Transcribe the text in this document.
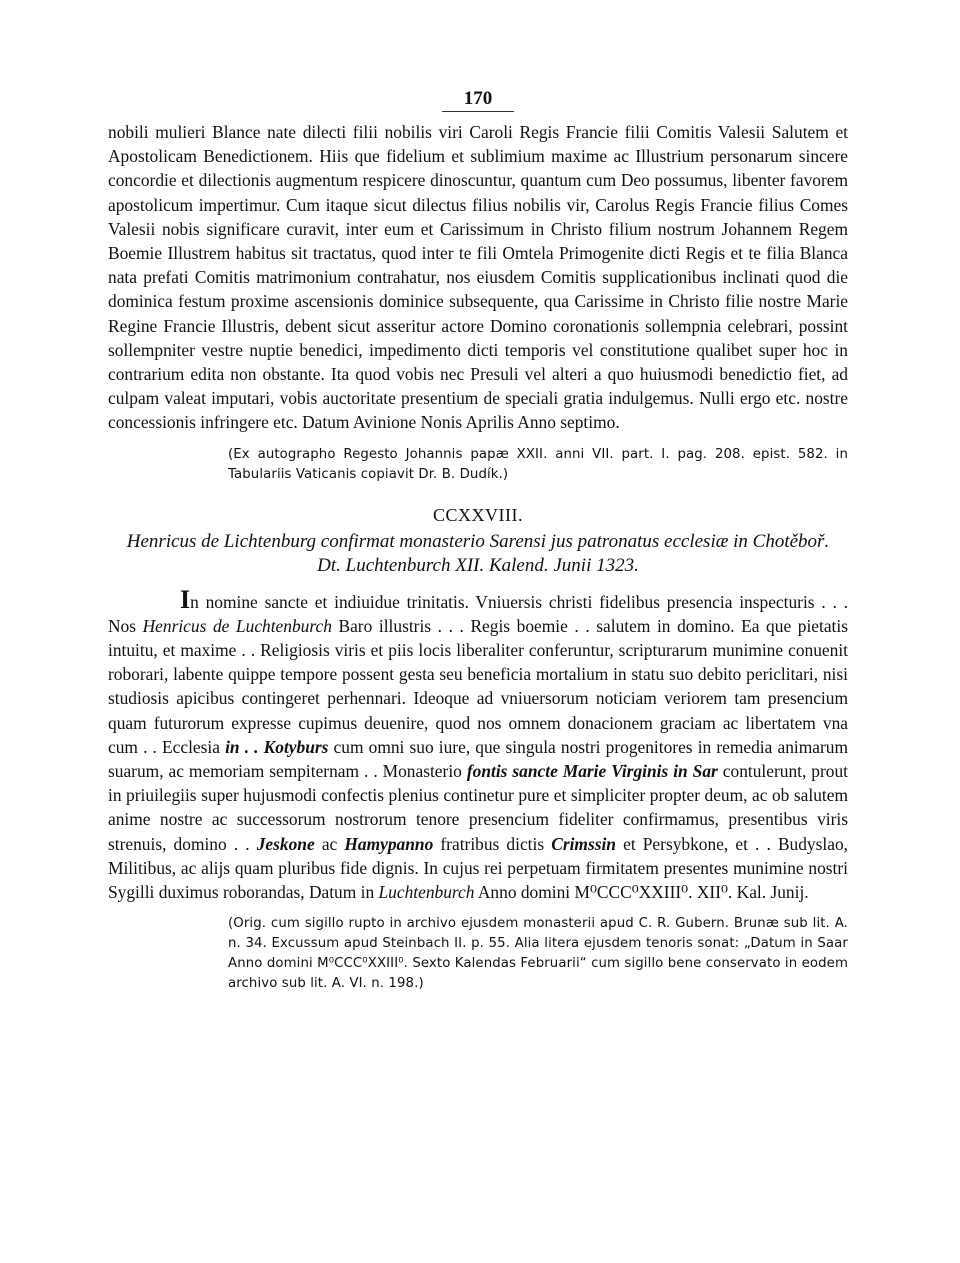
170

nobili mulieri Blance nate dilecti filii nobilis viri Caroli Regis Francie filii Comitis Valesii Salutem et Apostolicam Benedictionem. Hiis que fidelium et sublimium maxime ac Illustrium personarum sincere concordie et dilectionis augmentum respicere dinoscuntur, quantum cum Deo possumus, libenter favorem apostolicum impertimur. Cum itaque sicut dilectus filius nobilis vir, Carolus Regis Francie filius Comes Valesii nobis significare curavit, inter eum et Carissimum in Christo filium nostrum Johannem Regem Boemie Illustrem habitus sit tractatus, quod inter te fili Omtela Primogenite dicti Regis et te filia Blanca nata prefati Comitis matrimonium contrahatur, nos eiusdem Comitis supplicationibus inclinati quod die dominica festum proxime ascensionis dominice subsequente, qua Carissime in Christo filie nostre Marie Regine Francie Illustris, debent sicut asseritur actore Domino coronationis sollempnia celebrari, possint sollempniter vestre nuptie benedici, impedimento dicti temporis vel constitutione qualibet super hoc in contrarium edita non obstante. Ita quod vobis nec Presuli vel alteri a quo huiusmodi benedictio fiet, ad culpam valeat imputari, vobis auctoritate presentium de speciali gratia indulgemus. Nulli ergo etc. nostre concessionis infringere etc. Datum Avinione Nonis Aprilis Anno septimo.

(Ex autographo Regesto Johannis papæ XXII. anni VII. part. I. pag. 208. epist. 582. in Tabulariis Vaticanis copiavit Dr. B. Dudík.)

CCXXVIII.
Henricus de Lichtenburg confirmat monasterio Sarensi jus patronatus ecclesiæ in Chotěboř.
Dt. Luchtenburch XII. Kalend. Junii 1323.

In nomine sancte et indiuidue trinitatis. Vniuersis christi fidelibus presencia inspecturis . . . Nos Henricus de Luchtenburch Baro illustris . . . Regis boemie . . salutem in domino. Ea que pietatis intuitu, et maxime . . Religiosis viris et piis locis liberaliter conferuntur, scripturarum munimine conuenit roborari, labente quippe tempore possent gesta seu beneficia mortalium in statu suo debito periclitari, nisi studiosis apicibus contingeret perhennari. Ideoque ad vniuersorum noticiam veriorem tam presencium quam futurorum expresse cupimus deuenire, quod nos omnem donacionem graciam ac libertatem vna cum . . Ecclesia in . . Kotyburs cum omni suo iure, que singula nostri progenitores in remedia animarum suarum, ac memoriam sempiternam . . Monasterio fontis sancte Marie Virginis in Sar contulerunt, prout in priuilegiis super hujusmodi confectis plenius continetur pure et simpliciter propter deum, ac ob salutem anime nostre ac successorum nostrorum tenore presencium fideliter confirmamus, presentibus viris strenuis, domino . . Jeskone ac Hamypanno fratribus dictis Crimssin et Persybkone, et . . Budyslao, Militibus, ac alijs quam pluribus fide dignis. In cujus rei perpetuam firmitatem presentes munimine nostri Sygilli duximus roborandas, Datum in Luchtenburch Anno domini M⁰CCC⁰XXIII⁰. XII⁰. Kal. Junij.

(Orig. cum sigillo rupto in archivo ejusdem monasterii apud C. R. Gubern. Brunæ sub lit. A. n. 34. Excussum apud Steinbach II. p. 55. Alia litera ejusdem tenoris sonat: „Datum in Saar Anno domini M⁰CCC⁰XXIII⁰. Sexto Kalendas Februarii“ cum sigillo bene conservato in eodem archivo sub lit. A. VI. n. 198.)
